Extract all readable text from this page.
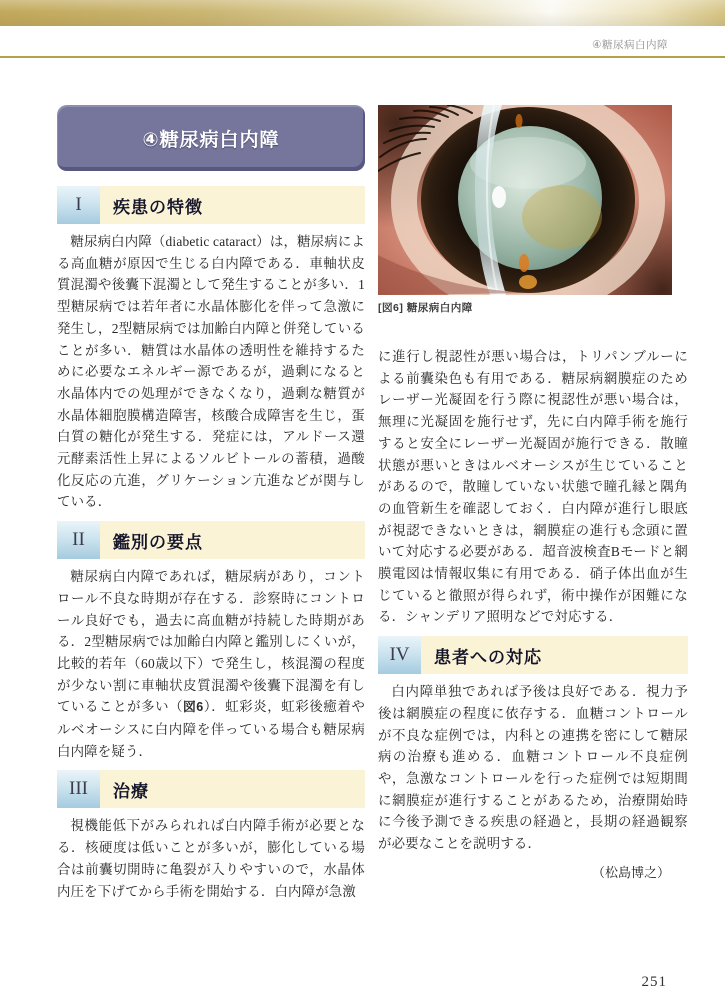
④糖尿病白内障
④糖尿病白内障
I	疾患の特徴

糖尿病白内障（diabetic cataract）は，糖尿病による高血糖が原因で生じる白内障である．車軸状皮質混濁や後囊下混濁として発生することが多い．1型糖尿病では若年者に水晶体膨化を伴って急激に発生し，2型糖尿病では加齢白内障と併発していることが多い．糖質は水晶体の透明性を維持するために必要なエネルギー源であるが，過剰になると水晶体内での処理ができなくなり，過剰な糖質が水晶体細胞膜構造障害，核酸合成障害を生じ，蛋白質の糖化が発生する．発症には，アルドース還元酵素活性上昇によるソルビトールの蓄積，過酸化反応の亢進，グリケーション亢進などが関与している．

II	鑑別の要点

糖尿病白内障であれば，糖尿病があり，コントロール不良な時期が存在する．診察時にコントロール良好でも，過去に高血糖が持続した時期がある．2型糖尿病では加齢白内障と鑑別しにくいが，比較的若年（60歳以下）で発生し，核混濁の程度が少ない割に車軸状皮質混濁や後囊下混濁を有していることが多い（図6）．虹彩炎，虹彩後癒着やルベオーシスに白内障を伴っている場合も糖尿病白内障を疑う．

III	治療

視機能低下がみられれば白内障手術が必要となる．核硬度は低いことが多いが，膨化している場合は前囊切開時に亀裂が入りやすいので，水晶体内圧を下げてから手術を開始する．白内障が急激

[図6] 糖尿病白内障

に進行し視認性が悪い場合は，トリパンブルーによる前囊染色も有用である．糖尿病網膜症のためレーザー光凝固を行う際に視認性が悪い場合は，無理に光凝固を施行せず，先に白内障手術を施行すると安全にレーザー光凝固が施行できる．散瞳状態が悪いときはルベオーシスが生じていることがあるので，散瞳していない状態で瞳孔縁と隅角の血管新生を確認しておく．白内障が進行し眼底が視認できないときは，網膜症の進行も念頭に置いて対応する必要がある．超音波検査Bモードと網膜電図は情報収集に有用である．硝子体出血が生じていると徹照が得られず，術中操作が困難になる．シャンデリア照明などで対応する．

IV	患者への対応

白内障単独であれば予後は良好である．視力予後は網膜症の程度に依存する．血糖コントロールが不良な症例では，内科との連携を密にして糖尿病の治療も進める．血糖コントロール不良症例や，急激なコントロールを行った症例では短期間に網膜症が進行することがあるため，治療開始時に今後予測できる疾患の経過と，長期の経過観察が必要なことを説明する．

（松島博之）
251
